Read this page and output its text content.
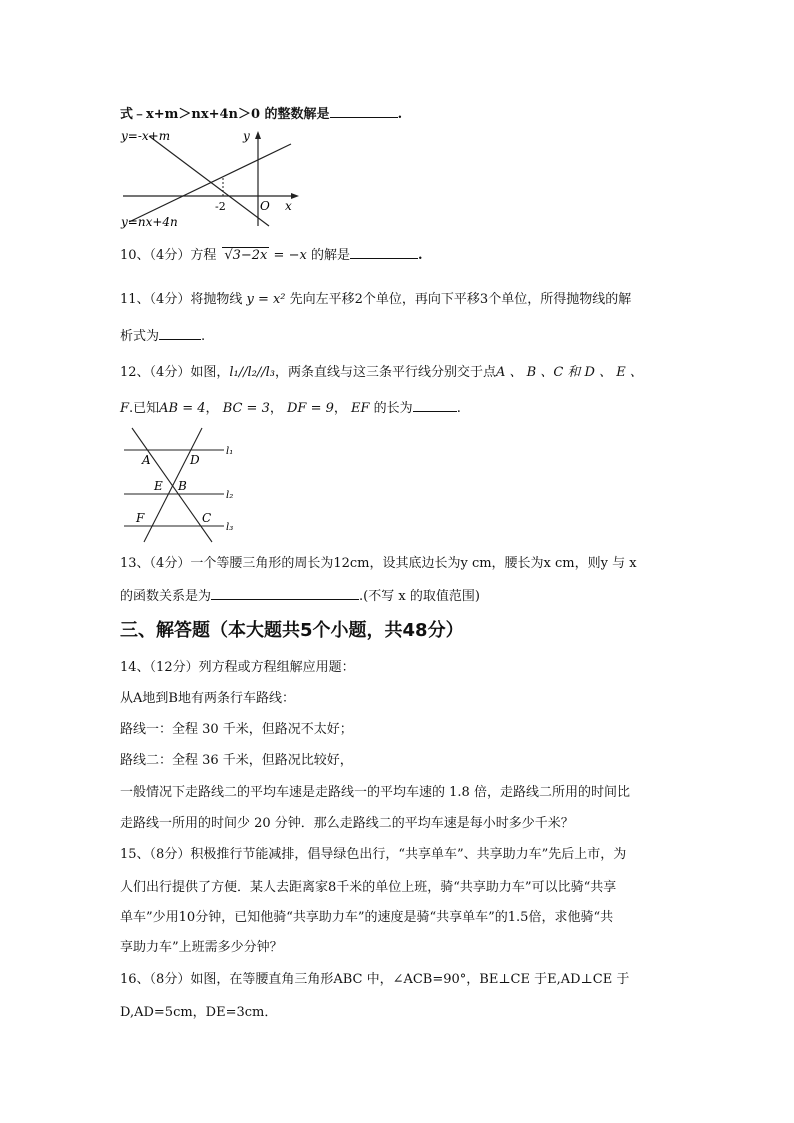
式﹣x+m＞nx+4n＞0 的整数解是	.
y=-x+m	y
-2	O x
y=nx+4n
10、（4分）方程 √3−2x = −x 的解是	.
11、（4分）将抛物线 y = x² 先向左平移2个单位，再向下平移3个单位，所得抛物线的解
析式为	.
12、（4分）如图，l₁//l₂//l₃，两条直线与这三条平行线分别交于点A 、 B 、C 和 D 、 E 、
F.已知AB = 4， BC = 3， DF = 9， EF 的长为	.
A	D
E B
F	C
l₁
l₂
l₃
13、（4分）一个等腰三角形的周长为12cm，设其底边长为y cm，腰长为x cm，则y 与 x
的函数关系是为	.(不写 x 的取值范围)
三、解答题（本大题共5个小题，共48分）
14、（12分）列方程或方程组解应用题：
从A地到B地有两条行车路线：
路线一：全程 30 千米，但路况不太好；
路线二：全程 36 千米，但路况比较好，
一般情况下走路线二的平均车速是走路线一的平均车速的 1.8 倍，走路线二所用的时间比
走路线一所用的时间少 20 分钟．那么走路线二的平均车速是每小时多少千米？
15、（8分）积极推行节能减排，倡导绿色出行，“共享单车”、共享助力车”先后上市，为
人们出行提供了方便．某人去距离家8千米的单位上班，骑“共享助力车”可以比骑“共享
单车”少用10分钟，已知他骑“共享助力车”的速度是骑“共享单车”的1.5倍，求他骑“共
享助力车”上班需多少分钟？
16、（8分）如图，在等腰直角三角形ABC 中，∠ACB=90°，BE⊥CE 于E,AD⊥CE 于
D,AD=5cm，DE=3cm．
